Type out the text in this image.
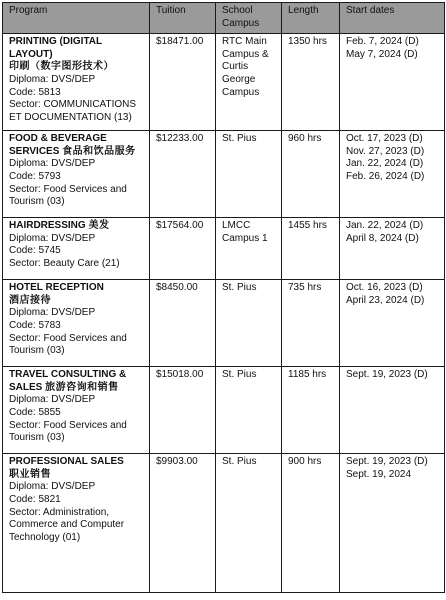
Program	Tuition	School Campus	Length	Start dates
PRINTING (DIGITAL LAYOUT)
印刷（数字图形技术）
Diploma: DVS/DEP
Code: 5813
Sector: COMMUNICATIONS ET DOCUMENTATION (13)	$18471.00	RTC Main Campus & Curtis George Campus	1350 hrs	Feb. 7, 2024 (D)
May 7, 2024 (D)

FOOD & BEVERAGE SERVICES 食品和饮品服务
Diploma: DVS/DEP
Code: 5793
Sector: Food Services and Tourism (03)	$12233.00	St. Pius	960 hrs	Oct. 17, 2023 (D)
Nov. 27, 2023 (D)
Jan. 22, 2024 (D)
Feb. 26, 2024 (D)

HAIRDRESSING 美发
Diploma: DVS/DEP
Code: 5745
Sector: Beauty Care (21)	$17564.00	LMCC Campus 1	1455 hrs	Jan. 22, 2024 (D)
April 8, 2024 (D)

HOTEL RECEPTION
酒店接待
Diploma: DVS/DEP
Code: 5783
Sector: Food Services and Tourism (03)	$8450.00	St. Pius	735 hrs	Oct. 16, 2023 (D)
April 23, 2024 (D)

TRAVEL CONSULTING & SALES 旅游咨询和销售
Diploma: DVS/DEP
Code: 5855
Sector: Food Services and Tourism (03)	$15018.00	St. Pius	1185 hrs	Sept. 19, 2023 (D)

PROFESSIONAL SALES
职业销售
Diploma: DVS/DEP
Code: 5821
Sector: Administration, Commerce and Computer Technology (01)	$9903.00	St. Pius	900 hrs	Sept. 19, 2023 (D)
Sept. 19, 2024
